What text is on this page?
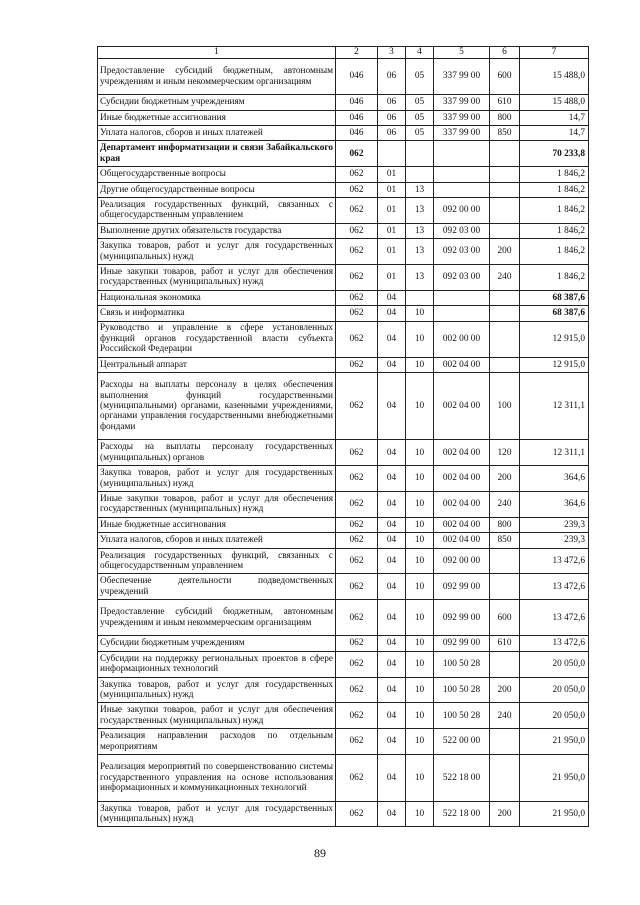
1	2	3	4	5	6	7
Предоставление субсидий бюджетным, автономным учреждениям и иным некоммерческим организациям	046	06	05	337 99 00	600	15 488,0
Субсидии бюджетным учреждениям	046	06	05	337 99 00	610	15 488,0
Иные бюджетные ассигнования	046	06	05	337 99 00	800	14,7
Уплата налогов, сборов и иных платежей	046	06	05	337 99 00	850	14,7
Департамент информатизации и связи Забайкальского края	062					70 233,8
Общегосударственные вопросы	062	01				1 846,2
Другие общегосударственные вопросы	062	01	13			1 846,2
Реализация государственных функций, связанных с общегосударственным управлением	062	01	13	092 00 00		1 846,2
Выполнение других обязательств государства	062	01	13	092 03 00		1 846,2
Закупка товаров, работ и услуг для государственных (муниципальных) нужд	062	01	13	092 03 00	200	1 846,2
Иные закупки товаров, работ и услуг для обеспечения государственных (муниципальных) нужд	062	01	13	092 03 00	240	1 846,2
Национальная экономика	062	04				68 387,6
Связь и информатика	062	04	10			68 387,6
Руководство и управление в сфере установленных функций органов государственной власти субъекта Российской Федерации	062	04	10	002 00 00		12 915,0
Центральный аппарат	062	04	10	002 04 00		12 915,0
Расходы на выплаты персоналу в целях обеспечения выполнения функций государственными (муниципальными) органами, казенными учреждениями, органами управления государственными внебюджетными фондами	062	04	10	002 04 00	100	12 311,1
Расходы на выплаты персоналу государственных (муниципальных) органов	062	04	10	002 04 00	120	12 311,1
Закупка товаров, работ и услуг для государственных (муниципальных) нужд	062	04	10	002 04 00	200	364,6
Иные закупки товаров, работ и услуг для обеспечения государственных (муниципальных) нужд	062	04	10	002 04 00	240	364,6
Иные бюджетные ассигнования	062	04	10	002 04 00	800	239,3
Уплата налогов, сборов и иных платежей	062	04	10	002 04 00	850	239,3
Реализация государственных функций, связанных с общегосударственным управлением	062	04	10	092 00 00		13 472,6
Обеспечение деятельности подведомственных учреждений	062	04	10	092 99 00		13 472,6
Предоставление субсидий бюджетным, автономным учреждениям и иным некоммерческим организациям	062	04	10	092 99 00	600	13 472,6
Субсидии бюджетным учреждениям	062	04	10	092 99 00	610	13 472,6
Субсидии на поддержку региональных проектов в сфере информационных технологий	062	04	10	100 50 28		20 050,0
Закупка товаров, работ и услуг для государственных (муниципальных) нужд	062	04	10	100 50 28	200	20 050,0
Иные закупки товаров, работ и услуг для обеспечения государственных (муниципальных) нужд	062	04	10	100 50 28	240	20 050,0
Реализация направления расходов по отдельным мероприятиям	062	04	10	522 00 00		21 950,0
Реализация мероприятий по совершенствованию системы государственного управления на основе использования информационных и коммуникационных технологий	062	04	10	522 18 00		21 950,0
Закупка товаров, работ и услуг для государственных (муниципальных) нужд	062	04	10	522 18 00	200	21 950,0
89
